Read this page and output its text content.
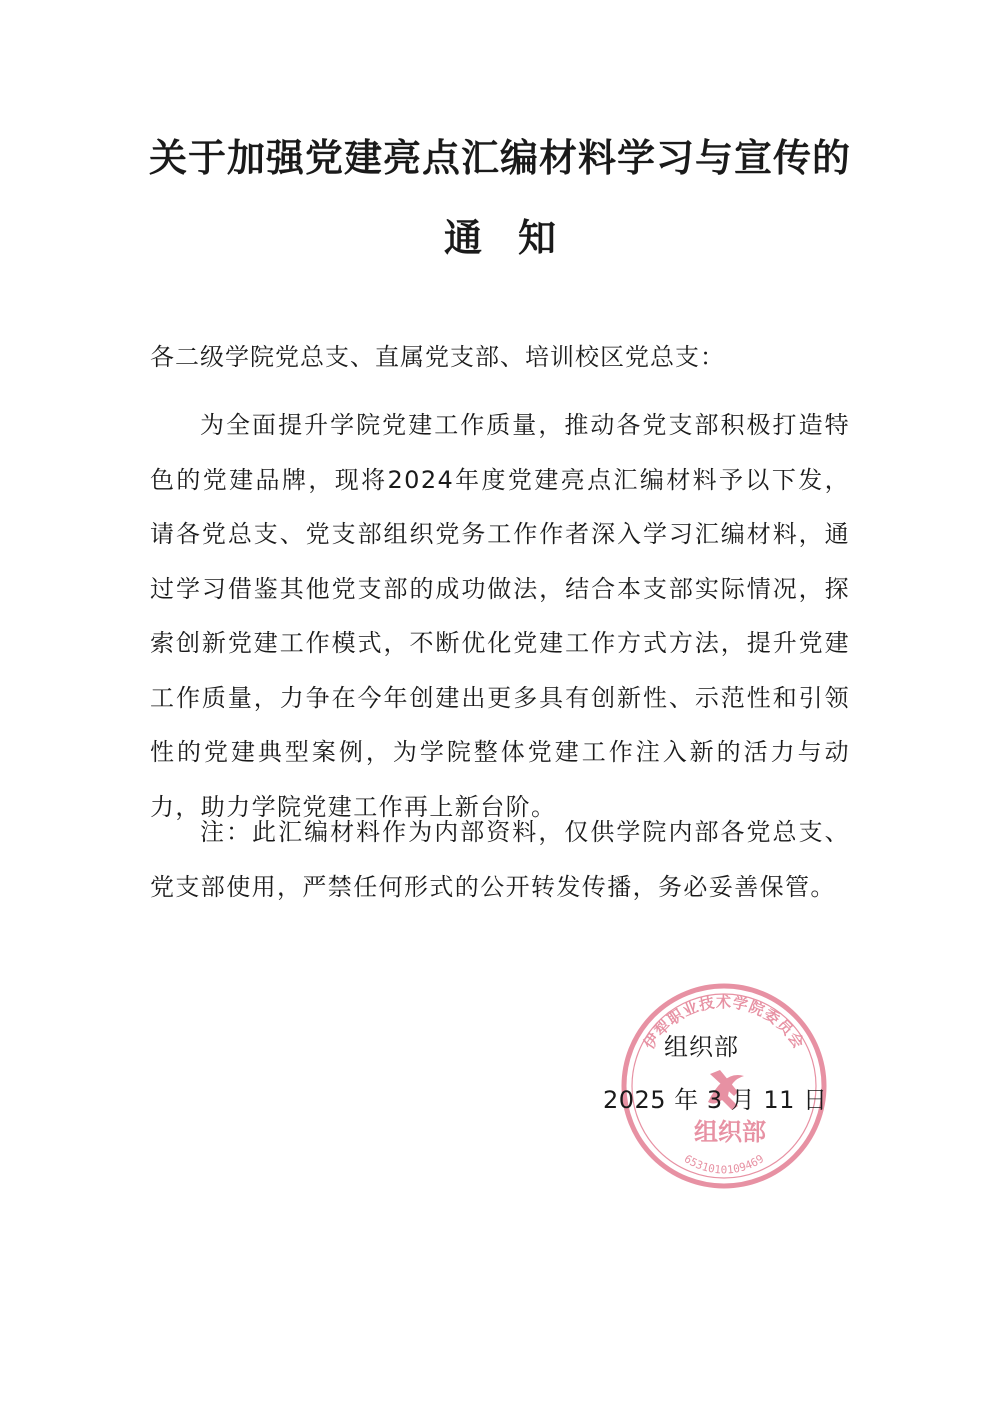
关于加强党建亮点汇编材料学习与宣传的
通知
各二级学院党总支、直属党支部、培训校区党总支：

为全面提升学院党建工作质量，推动各党支部积极打造特色的党建品牌，现将2024年度党建亮点汇编材料予以下发，请各党总支、党支部组织党务工作作者深入学习汇编材料，通过学习借鉴其他党支部的成功做法，结合本支部实际情况，探索创新党建工作模式，不断优化党建工作方式方法，提升党建工作质量，力争在今年创建出更多具有创新性、示范性和引领性的党建典型案例，为学院整体党建工作注入新的活力与动力，助力学院党建工作再上新台阶。

注：此汇编材料作为内部资料，仅供学院内部各党总支、党支部使用，严禁任何形式的公开转发传播，务必妥善保管。

伊犁职业技术学院委员会
组织部
6531010109469
组织部
2025 年 3 月 11 日
